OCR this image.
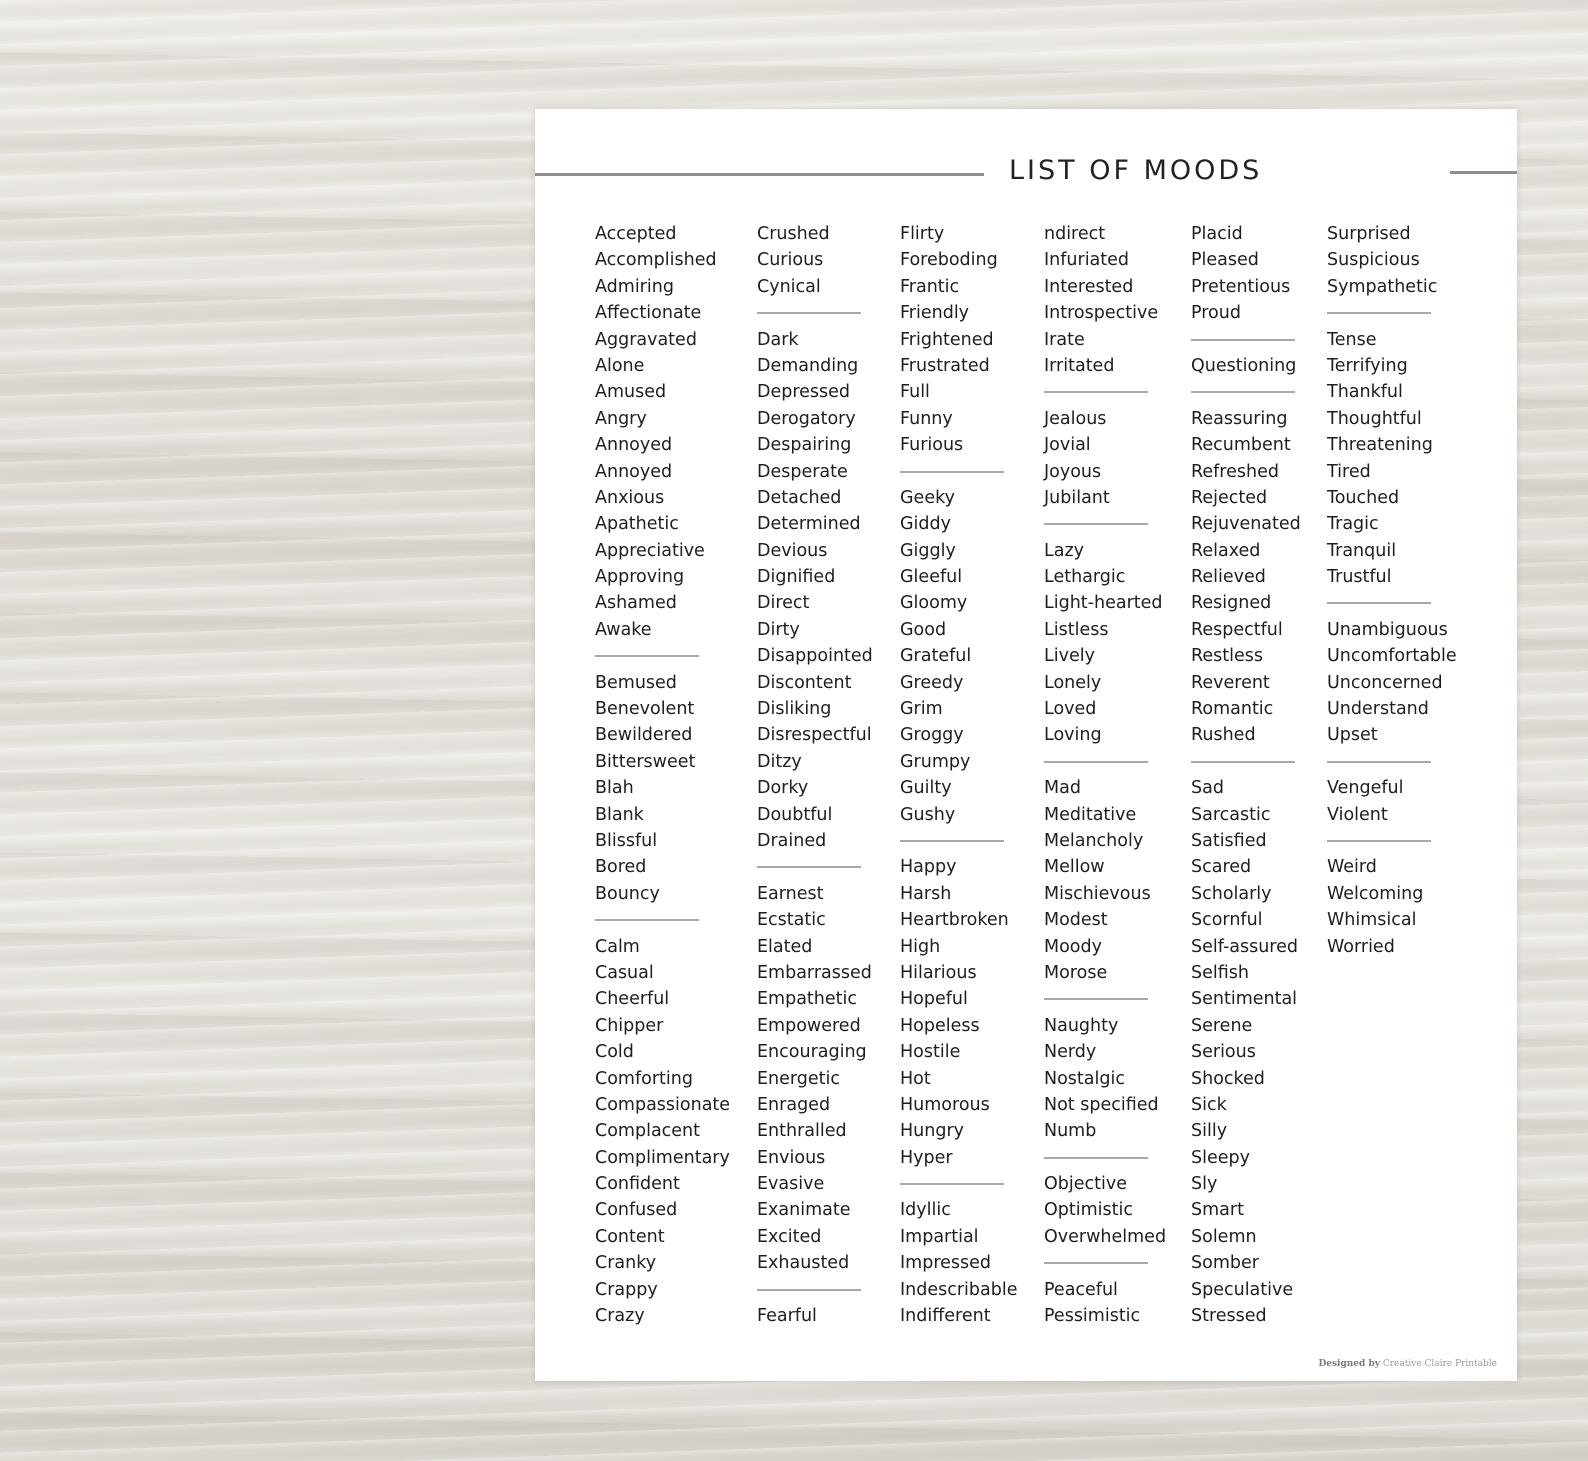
LIST OF MOODS
Accepted
Accomplished
Admiring
Affectionate
Aggravated
Alone
Amused
Angry
Annoyed
Annoyed
Anxious
Apathetic
Appreciative
Approving
Ashamed
Awake
Bemused
Benevolent
Bewildered
Bittersweet
Blah
Blank
Blissful
Bored
Bouncy
Calm
Casual
Cheerful
Chipper
Cold
Comforting
Compassionate
Complacent
Complimentary
Confident
Confused
Content
Cranky
Crappy
Crazy
Crushed
Curious
Cynical
Dark
Demanding
Depressed
Derogatory
Despairing
Desperate
Detached
Determined
Devious
Dignified
Direct
Dirty
Disappointed
Discontent
Disliking
Disrespectful
Ditzy
Dorky
Doubtful
Drained
Earnest
Ecstatic
Elated
Embarrassed
Empathetic
Empowered
Encouraging
Energetic
Enraged
Enthralled
Envious
Evasive
Exanimate
Excited
Exhausted
Fearful
Flirty
Foreboding
Frantic
Friendly
Frightened
Frustrated
Full
Funny
Furious
Geeky
Giddy
Giggly
Gleeful
Gloomy
Good
Grateful
Greedy
Grim
Groggy
Grumpy
Guilty
Gushy
Happy
Harsh
Heartbroken
High
Hilarious
Hopeful
Hopeless
Hostile
Hot
Humorous
Hungry
Hyper
Idyllic
Impartial
Impressed
Indescribable
Indifferent
ndirect
Infuriated
Interested
Introspective
Irate
Irritated
Jealous
Jovial
Joyous
Jubilant
Lazy
Lethargic
Light-hearted
Listless
Lively
Lonely
Loved
Loving
Mad
Meditative
Melancholy
Mellow
Mischievous
Modest
Moody
Morose
Naughty
Nerdy
Nostalgic
Not specified
Numb
Objective
Optimistic
Overwhelmed
Peaceful
Pessimistic
Placid
Pleased
Pretentious
Proud
Questioning
Reassuring
Recumbent
Refreshed
Rejected
Rejuvenated
Relaxed
Relieved
Resigned
Respectful
Restless
Reverent
Romantic
Rushed
Sad
Sarcastic
Satisfied
Scared
Scholarly
Scornful
Self-assured
Selfish
Sentimental
Serene
Serious
Shocked
Sick
Silly
Sleepy
Sly
Smart
Solemn
Somber
Speculative
Stressed
Surprised
Suspicious
Sympathetic
Tense
Terrifying
Thankful
Thoughtful
Threatening
Tired
Touched
Tragic
Tranquil
Trustful
Unambiguous
Uncomfortable
Unconcerned
Understand
Upset
Vengeful
Violent
Weird
Welcoming
Whimsical
Worried
Designed by Creative Claire Printable
